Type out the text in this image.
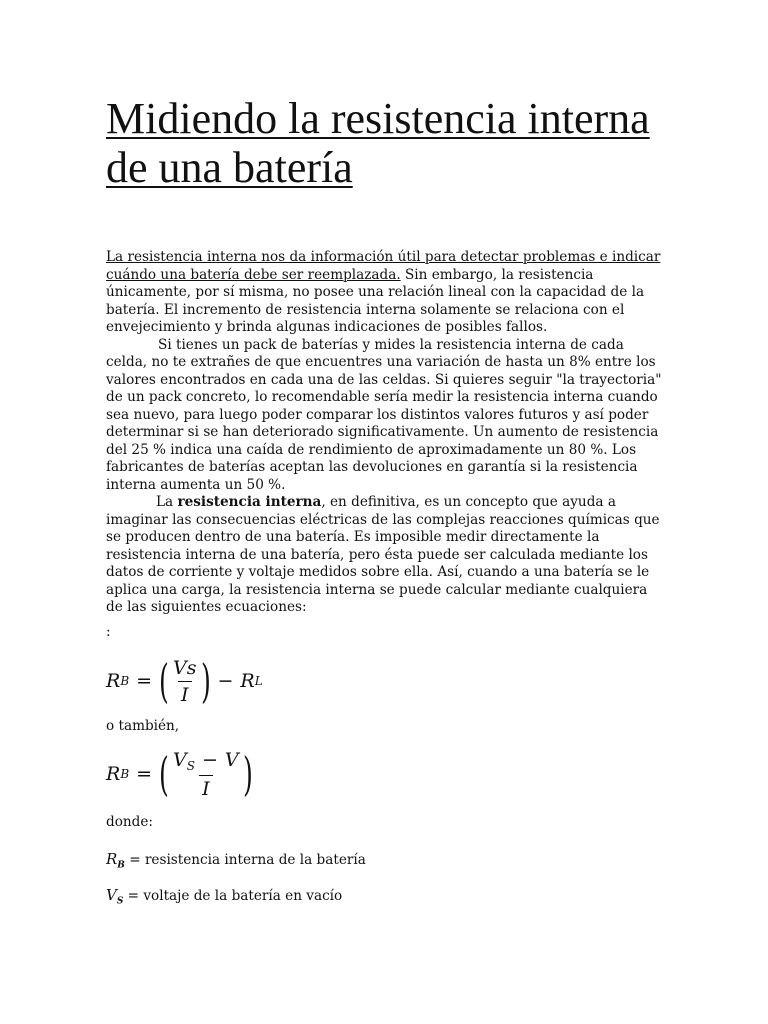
Midiendo la resistencia interna de una batería

La resistencia interna nos da información útil para detectar problemas e indicar cuándo una batería debe ser reemplazada. Sin embargo, la resistencia únicamente, por sí misma, no posee una relación lineal con la capacidad de la batería. El incremento de resistencia interna solamente se relaciona con el envejecimiento y brinda algunas indicaciones de posibles fallos.

Si tienes un pack de baterías y mides la resistencia interna de cada celda, no te extrañes de que encuentres una variación de hasta un 8% entre los valores encontrados en cada una de las celdas. Si quieres seguir "la trayectoria" de un pack concreto, lo recomendable sería medir la resistencia interna cuando sea nuevo, para luego poder comparar los distintos valores futuros y así poder determinar si se han deteriorado significativamente. Un aumento de resistencia del 25 % indica una caída de rendimiento de aproximadamente un 80 %. Los fabricantes de baterías aceptan las devoluciones en garantía si la resistencia interna aumenta un 50 %.

La resistencia interna, en definitiva, es un concepto que ayuda a imaginar las consecuencias eléctricas de las complejas reacciones químicas que se producen dentro de una batería. Es imposible medir directamente la resistencia interna de una batería, pero ésta puede ser calculada mediante los datos de corriente y voltaje medidos sobre ella. Así, cuando a una batería se le aplica una carga, la resistencia interna se puede calcular mediante cualquiera de las siguientes ecuaciones:

:
R B = ( $\frac{Vs}{I}$ ) − R L
o también,
R B = ( $\frac{V_S - V}{I}$ )
donde:
$R_B$ = resistencia interna de la batería
$V_S$ = voltaje de la batería en vacío
